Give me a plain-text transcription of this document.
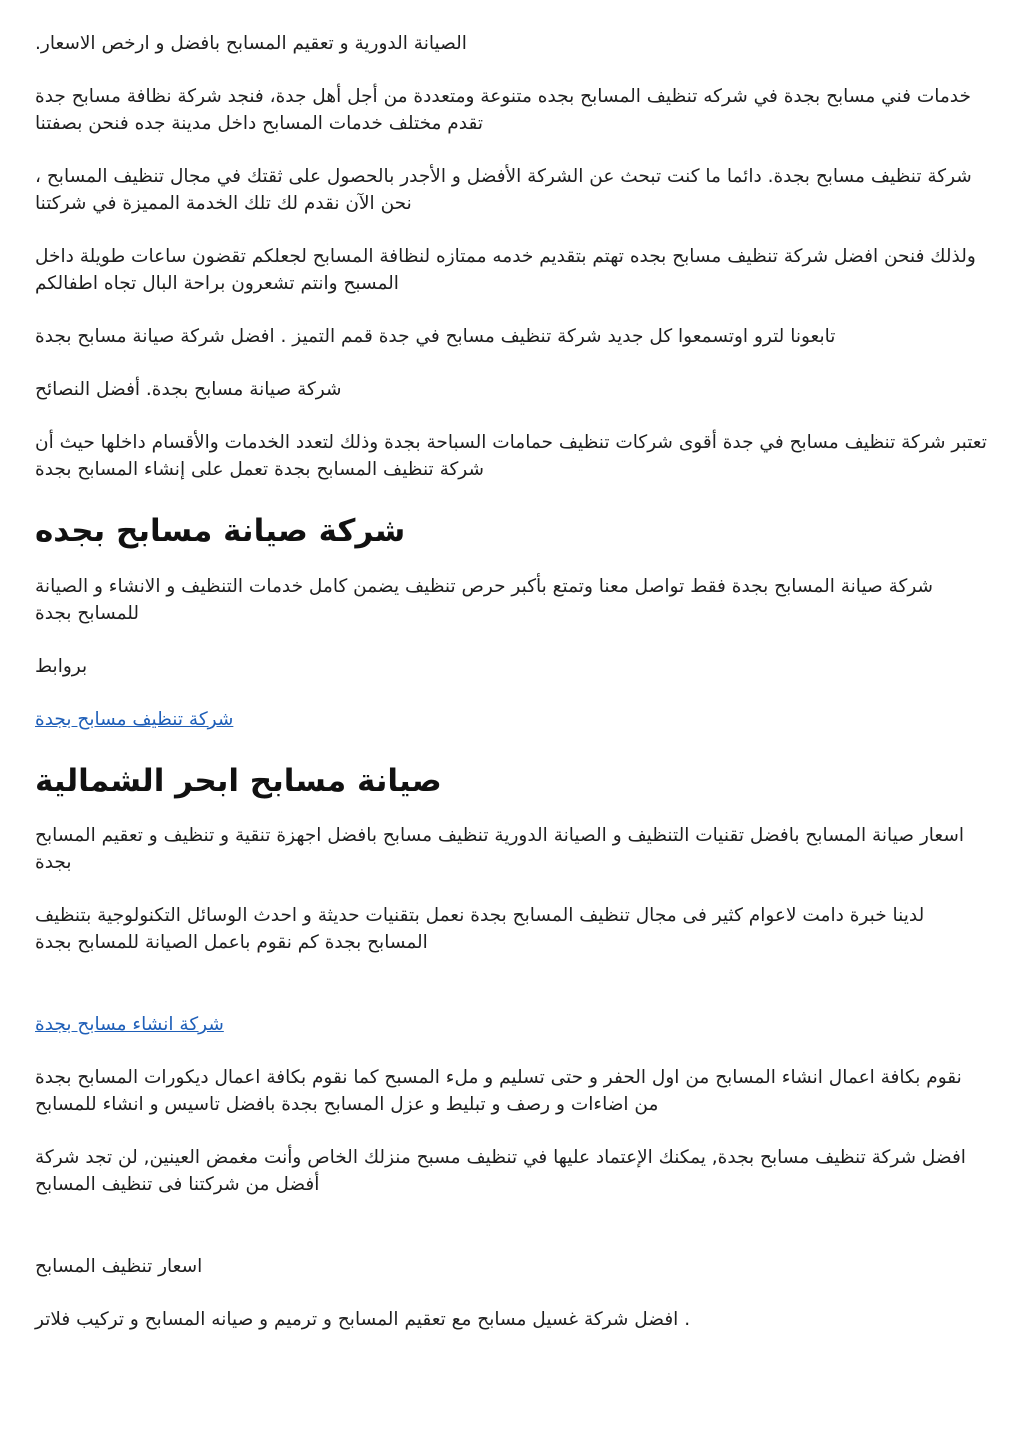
الصيانة الدورية و تعقيم المسابح بافضل و ارخص الاسعار.

خدمات فني مسابح بجدة في شركه تنظيف المسابح بجده متنوعة ومتعددة من أجل أهل جدة، فنجد شركة نظافة مسابح جدة تقدم مختلف خدمات المسابح داخل مدينة جده فنحن بصفتنا

شركة تنظيف مسابح بجدة. دائما ما كنت تبحث عن الشركة الأفضل و الأجدر بالحصول على ثقتك في مجال تنظيف المسابح ، نحن الآن نقدم لك تلك الخدمة المميزة في شركتنا

ولذلك فنحن افضل شركة تنظيف مسابح بجده تهتم بتقديم خدمه ممتازه لنظافة المسابح لجعلكم تقضون ساعات طويلة داخل المسبح وانتم تشعرون براحة البال تجاه اطفالكم

تابعونا لترو اوتسمعوا كل جديد شركة تنظيف مسابح في جدة قمم التميز . افضل شركة صيانة مسابح بجدة

شركة صيانة مسابح بجدة. أفضل النصائح

تعتبر شركة تنظيف مسابح في جدة أقوى شركات تنظيف حمامات السباحة بجدة وذلك لتعدد الخدمات والأقسام داخلها حيث أن شركة تنظيف المسابح بجدة تعمل على إنشاء المسابح بجدة

شركة صيانة مسابح بجده

شركة صيانة المسابح بجدة فقط تواصل معنا وتمتع بأكبر حرص تنظيف يضمن كامل خدمات التنظيف و الانشاء و الصيانة للمسابح بجدة

بروابط

شركة تنظيف مسابح بجدة
صيانة مسابح ابحر الشمالية

اسعار صيانة المسابح بافضل تقنيات التنظيف و الصيانة الدورية تنظيف مسابح بافضل اجهزة تنقية و تنظيف و تعقيم المسابح بجدة

لدينا خبرة دامت لاعوام كثير فى مجال تنظيف المسابح بجدة نعمل بتقنيات حديثة و احدث الوسائل التكنولوجية بتنظيف المسابح بجدة كم نقوم باعمل الصيانة للمسابح بجدة

شركة انشاء مسابح بجدة

نقوم بكافة اعمال انشاء المسابح من اول الحفر و حتى تسليم و ملء المسبح كما نقوم بكافة اعمال ديكورات المسابح بجدة من اضاءات و رصف و تبليط و عزل المسابح بجدة بافضل تاسيس و انشاء للمسابح

افضل شركة تنظيف مسابح بجدة, يمكنك الإعتماد عليها في تنظيف مسبح منزلك الخاص وأنت مغمض العينين, لن تجد شركة أفضل من شركتنا فى تنظيف المسابح

اسعار تنظيف المسابح

. افضل شركة غسيل مسابح مع تعقيم المسابح و ترميم و صيانه المسابح و تركيب فلاتر
